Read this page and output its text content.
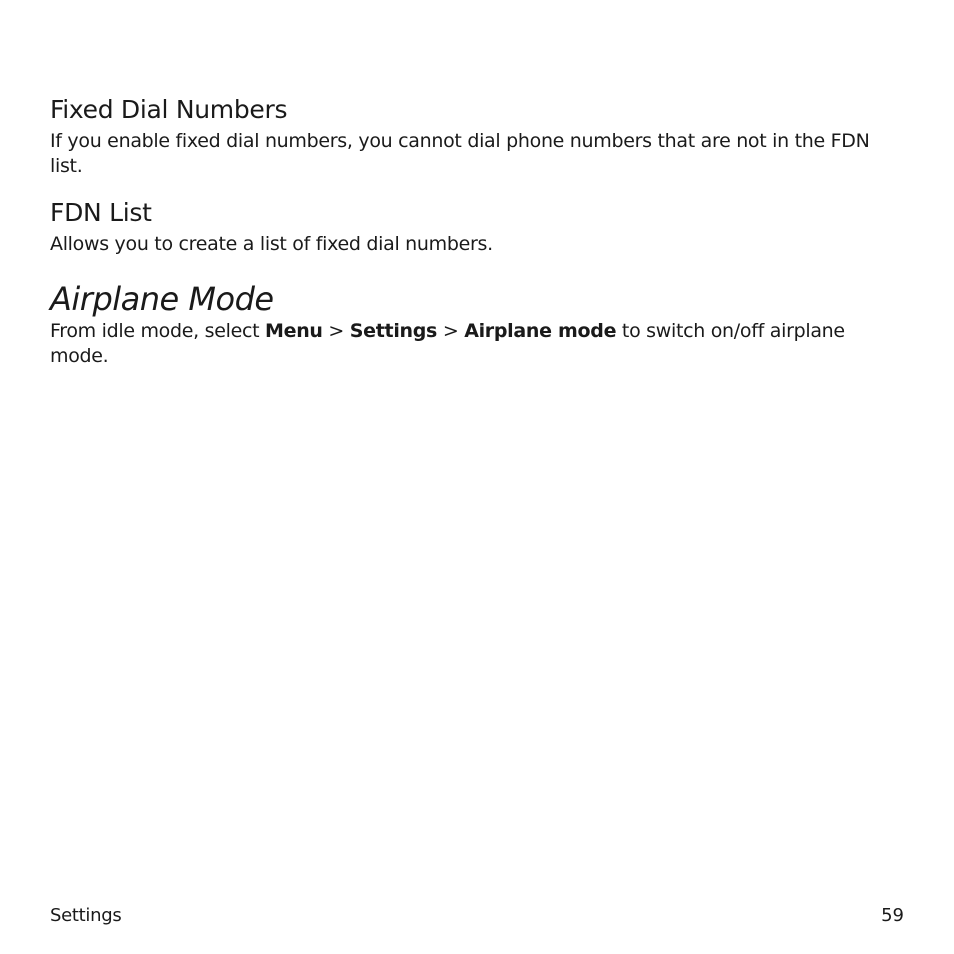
Fixed Dial Numbers

If you enable fixed dial numbers, you cannot dial phone numbers that are not in the FDN list.

FDN List

Allows you to create a list of fixed dial numbers.

Airplane Mode

From idle mode, select Menu > Settings > Airplane mode to switch on/off airplane mode.

Settings	59
